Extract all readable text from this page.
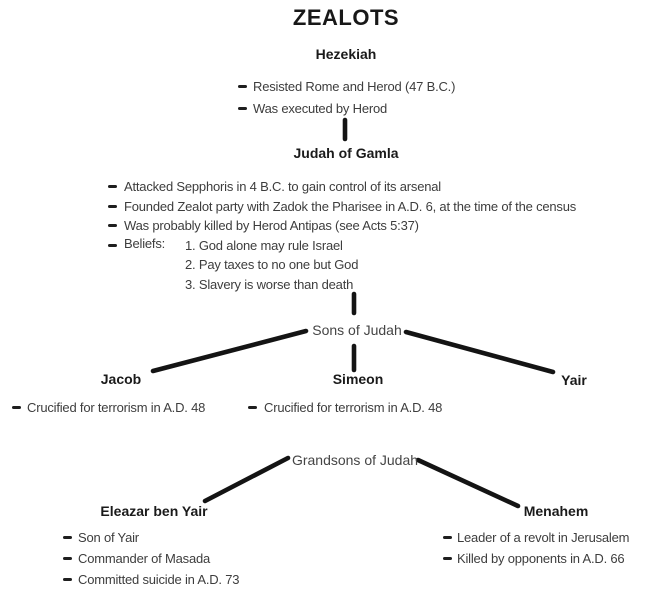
ZEALOTS
Hezekiah
Resisted Rome and Herod (47 B.C.)
Was executed by Herod
Judah of Gamla
Attacked Sepphoris in 4 B.C. to gain control of its arsenal
Founded Zealot party with Zadok the Pharisee in A.D. 6, at the time of the census
Was probably killed by Herod Antipas (see Acts 5:37)
Beliefs:	1. God alone may rule Israel
2. Pay taxes to no one but God
3. Slavery is worse than death
Sons of Judah
Jacob	Simeon	Yair
Crucified for terrorism in A.D. 48	Crucified for terrorism in A.D. 48
Grandsons of Judah
Eleazar ben Yair	Menahem
Son of Yair
Commander of Masada
Committed suicide in A.D. 73
Leader of a revolt in Jerusalem
Killed by opponents in A.D. 66
